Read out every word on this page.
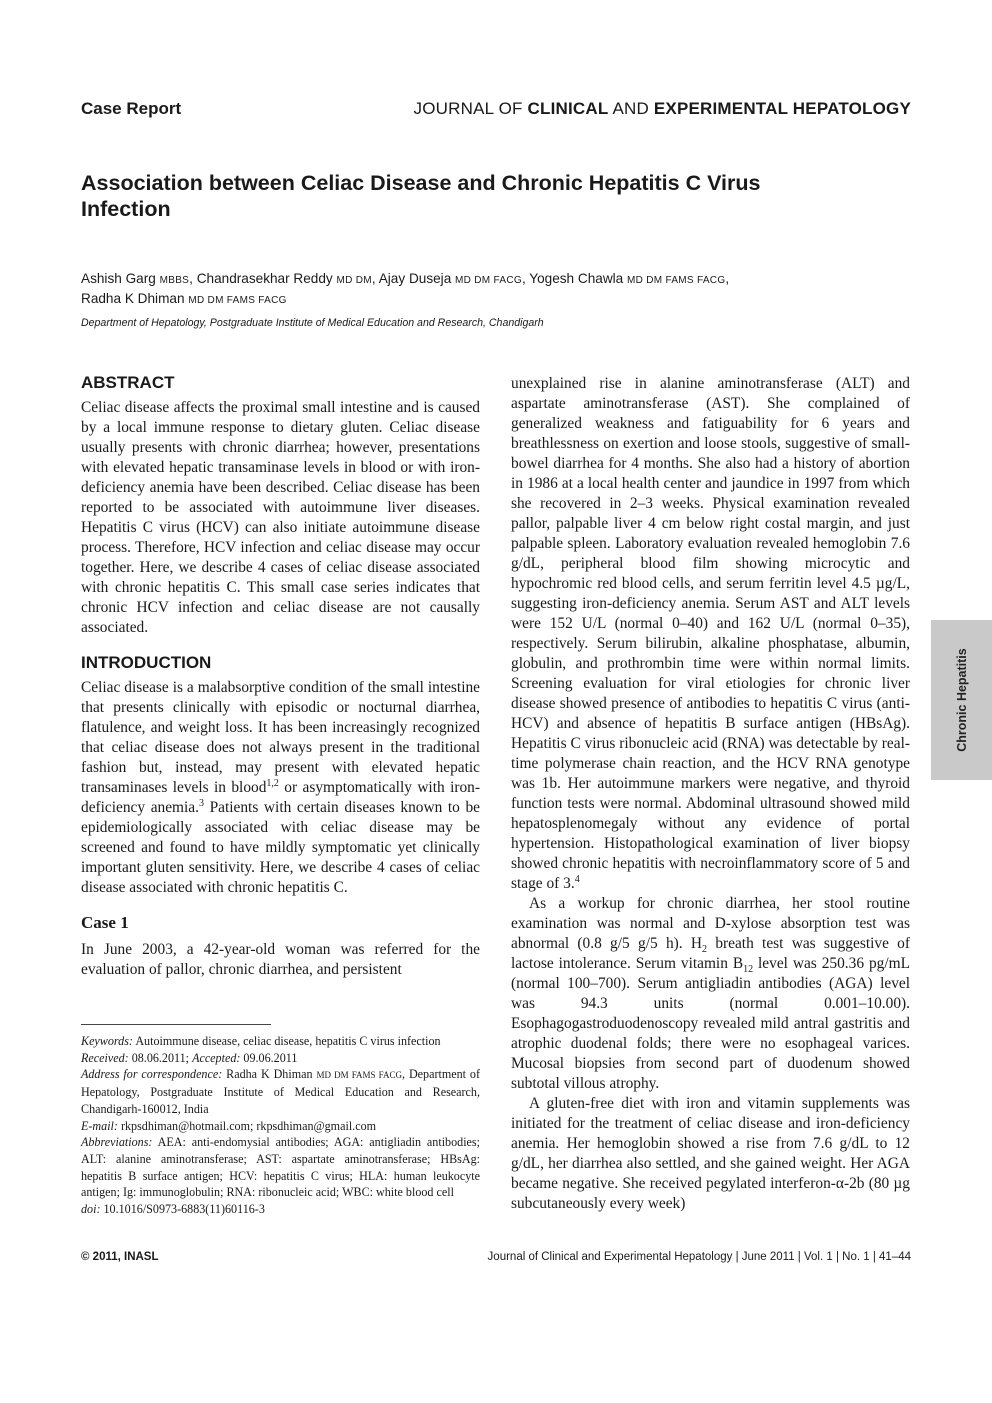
Case Report	JOURNAL OF CLINICAL AND EXPERIMENTAL HEPATOLOGY
Association between Celiac Disease and Chronic Hepatitis C Virus Infection
Ashish Garg MBBS, Chandrasekhar Reddy MD DM, Ajay Duseja MD DM FACG, Yogesh Chawla MD DM FAMS FACG,
Radha K Dhiman MD DM FAMS FACG
Department of Hepatology, Postgraduate Institute of Medical Education and Research, Chandigarh
ABSTRACT

Celiac disease affects the proximal small intestine and is caused by a local immune response to dietary gluten. Celiac disease usually presents with chronic diarrhea; however, presentations with elevated hepatic transaminase levels in blood or with iron-deficiency anemia have been described. Celiac disease has been reported to be associated with autoimmune liver diseases. Hepatitis C virus (HCV) can also initiate autoimmune disease process. Therefore, HCV infection and celiac disease may occur together. Here, we describe 4 cases of celiac disease associated with chronic hepatitis C. This small case series indicates that chronic HCV infection and celiac disease are not causally associated.

INTRODUCTION

Celiac disease is a malabsorptive condition of the small intestine that presents clinically with episodic or nocturnal diarrhea, flatulence, and weight loss. It has been increasingly recognized that celiac disease does not always present in the traditional fashion but, instead, may present with elevated hepatic transaminases levels in blood$^{1,2}$ or asymptomatically with iron-deficiency anemia.$^3$ Patients with certain diseases known to be epidemiologically associated with celiac disease may be screened and found to have mildly symptomatic yet clinically important gluten sensitivity. Here, we describe 4 cases of celiac disease associated with chronic hepatitis C.

Case 1

In June 2003, a 42-year-old woman was referred for the evaluation of pallor, chronic diarrhea, and persistent

Keywords: Autoimmune disease, celiac disease, hepatitis C virus infection

Received: 08.06.2011; Accepted: 09.06.2011

Address for correspondence: Radha K Dhiman MD DM FAMS FACG, Department of Hepatology, Postgraduate Institute of Medical Education and Research, Chandigarh-160012, India

E-mail: rkpsdhiman@hotmail.com; rkpsdhiman@gmail.com

Abbreviations: AEA: anti-endomysial antibodies; AGA: antigliadin antibodies; ALT: alanine aminotransferase; AST: aspartate aminotransferase; HBsAg: hepatitis B surface antigen; HCV: hepatitis C virus; HLA: human leukocyte antigen; Ig: immunoglobulin; RNA: ribonucleic acid; WBC: white blood cell

doi: 10.1016/S0973-6883(11)60116-3

unexplained rise in alanine aminotransferase (ALT) and aspartate aminotransferase (AST). She complained of generalized weakness and fatiguability for 6 years and breathlessness on exertion and loose stools, suggestive of small-bowel diarrhea for 4 months. She also had a history of abortion in 1986 at a local health center and jaundice in 1997 from which she recovered in 2–3 weeks. Physical examination revealed pallor, palpable liver 4 cm below right costal margin, and just palpable spleen. Laboratory evaluation revealed hemoglobin 7.6 g/dL, peripheral blood film showing microcytic and hypochromic red blood cells, and serum ferritin level 4.5 µg/L, suggesting iron-deficiency anemia. Serum AST and ALT levels were 152 U/L (normal 0–40) and 162 U/L (normal 0–35), respectively. Serum bilirubin, alkaline phosphatase, albumin, globulin, and prothrombin time were within normal limits. Screening evaluation for viral etiologies for chronic liver disease showed presence of antibodies to hepatitis C virus (anti-HCV) and absence of hepatitis B surface antigen (HBsAg). Hepatitis C virus ribonucleic acid (RNA) was detectable by real-time polymerase chain reaction, and the HCV RNA genotype was 1b. Her autoimmune markers were negative, and thyroid function tests were normal. Abdominal ultrasound showed mild hepatosplenomegaly without any evidence of portal hypertension. Histopathological examination of liver biopsy showed chronic hepatitis with necroinflammatory score of 5 and stage of 3.$^4$

As a workup for chronic diarrhea, her stool routine examination was normal and D-xylose absorption test was abnormal (0.8 g/5 g/5 h). $H_2$ breath test was suggestive of lactose intolerance. Serum vitamin $B_{12}$ level was 250.36 pg/mL (normal 100–700). Serum antigliadin antibodies (AGA) level was 94.3 units (normal 0.001–10.00). Esophagogastroduodenoscopy revealed mild antral gastritis and atrophic duodenal folds; there were no esophageal varices. Mucosal biopsies from second part of duodenum showed subtotal villous atrophy.

A gluten-free diet with iron and vitamin supplements was initiated for the treatment of celiac disease and iron-deficiency anemia. Her hemoglobin showed a rise from 7.6 g/dL to 12 g/dL, her diarrhea also settled, and she gained weight. Her AGA became negative. She received pegylated interferon-α-2b (80 µg subcutaneously every week)

Chronic Hepatitis
© 2011, INASL	Journal of Clinical and Experimental Hepatology | June 2011 | Vol. 1 | No. 1 | 41–44
